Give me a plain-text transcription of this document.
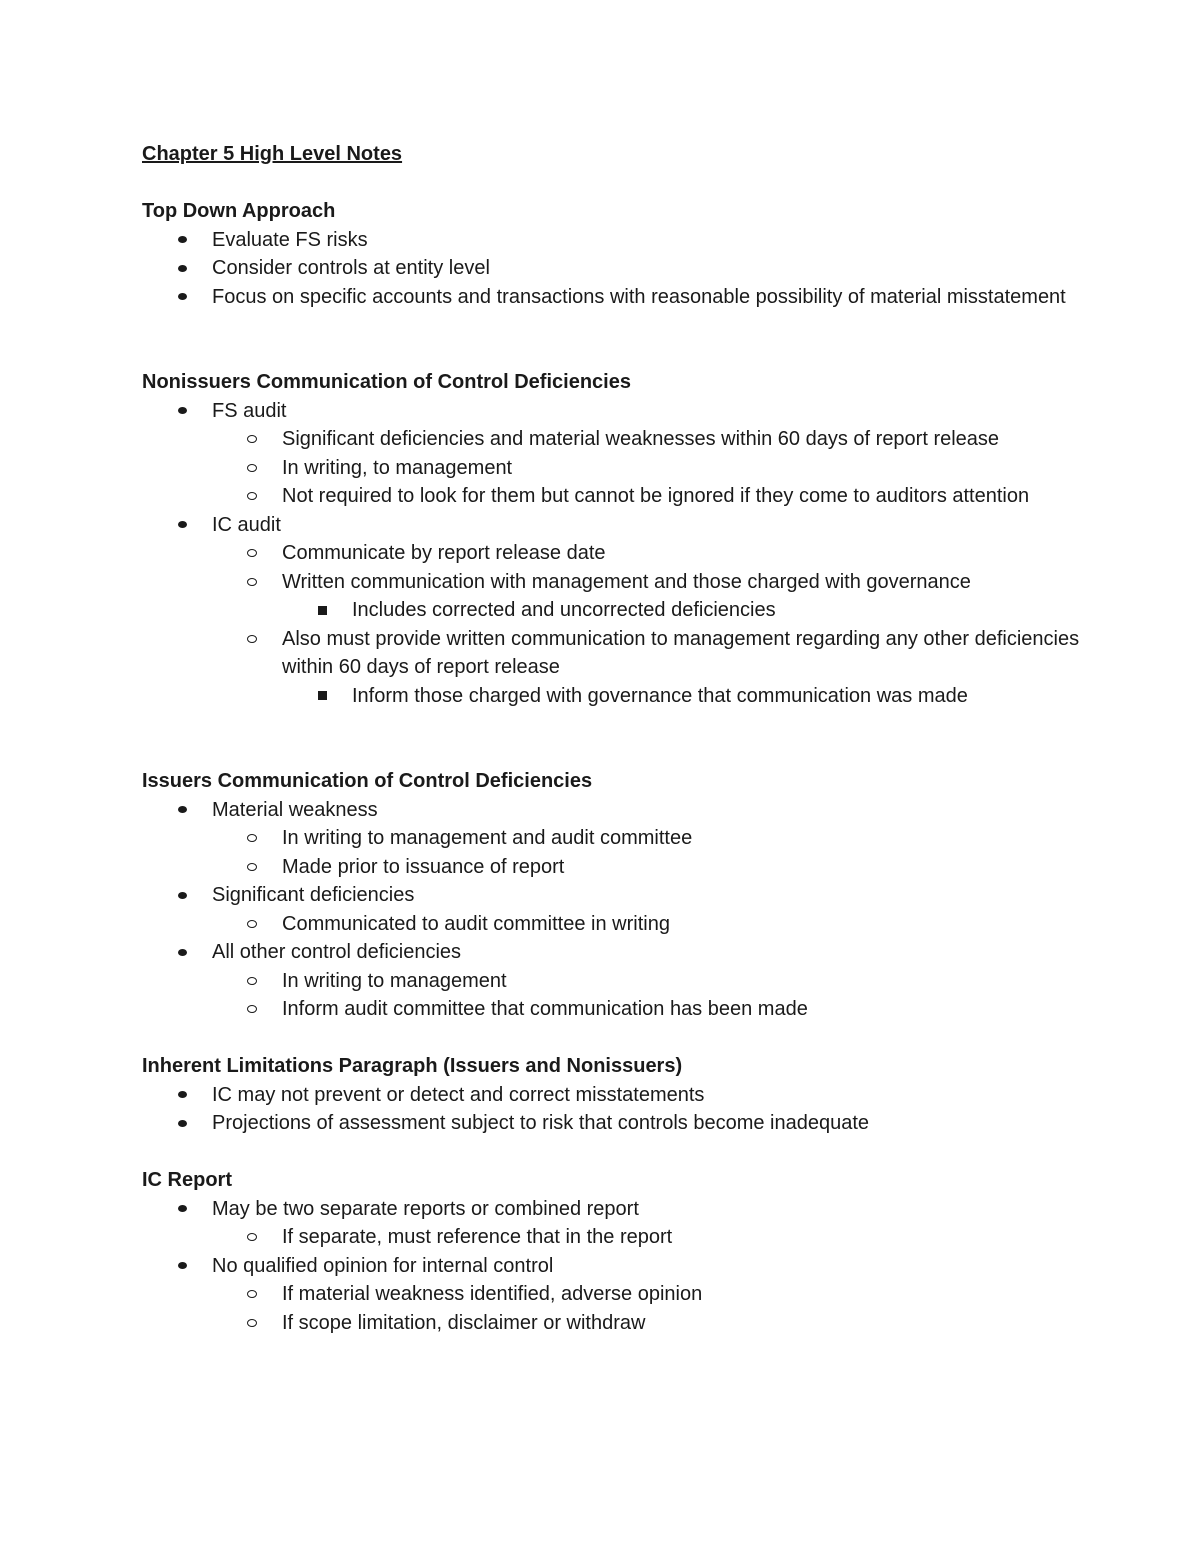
Chapter 5 High Level Notes
Top Down Approach
Evaluate FS risks
Consider controls at entity level
Focus on specific accounts and transactions with reasonable possibility of material misstatement
Nonissuers Communication of Control Deficiencies
FS audit
Significant deficiencies and material weaknesses within 60 days of report release
In writing, to management
Not required to look for them but cannot be ignored if they come to auditors attention
IC audit
Communicate by report release date
Written communication with management and those charged with governance
Includes corrected and uncorrected deficiencies
Also must provide written communication to management regarding any other deficiencies within 60 days of report release
Inform those charged with governance that communication was made
Issuers Communication of Control Deficiencies
Material weakness
In writing to management and audit committee
Made prior to issuance of report
Significant deficiencies
Communicated to audit committee in writing
All other control deficiencies
In writing to management
Inform audit committee that communication has been made
Inherent Limitations Paragraph (Issuers and Nonissuers)
IC may not prevent or detect and correct misstatements
Projections of assessment subject to risk that controls become inadequate
IC Report
May be two separate reports or combined report
If separate, must reference that in the report
No qualified opinion for internal control
If material weakness identified, adverse opinion
If scope limitation, disclaimer or withdraw
